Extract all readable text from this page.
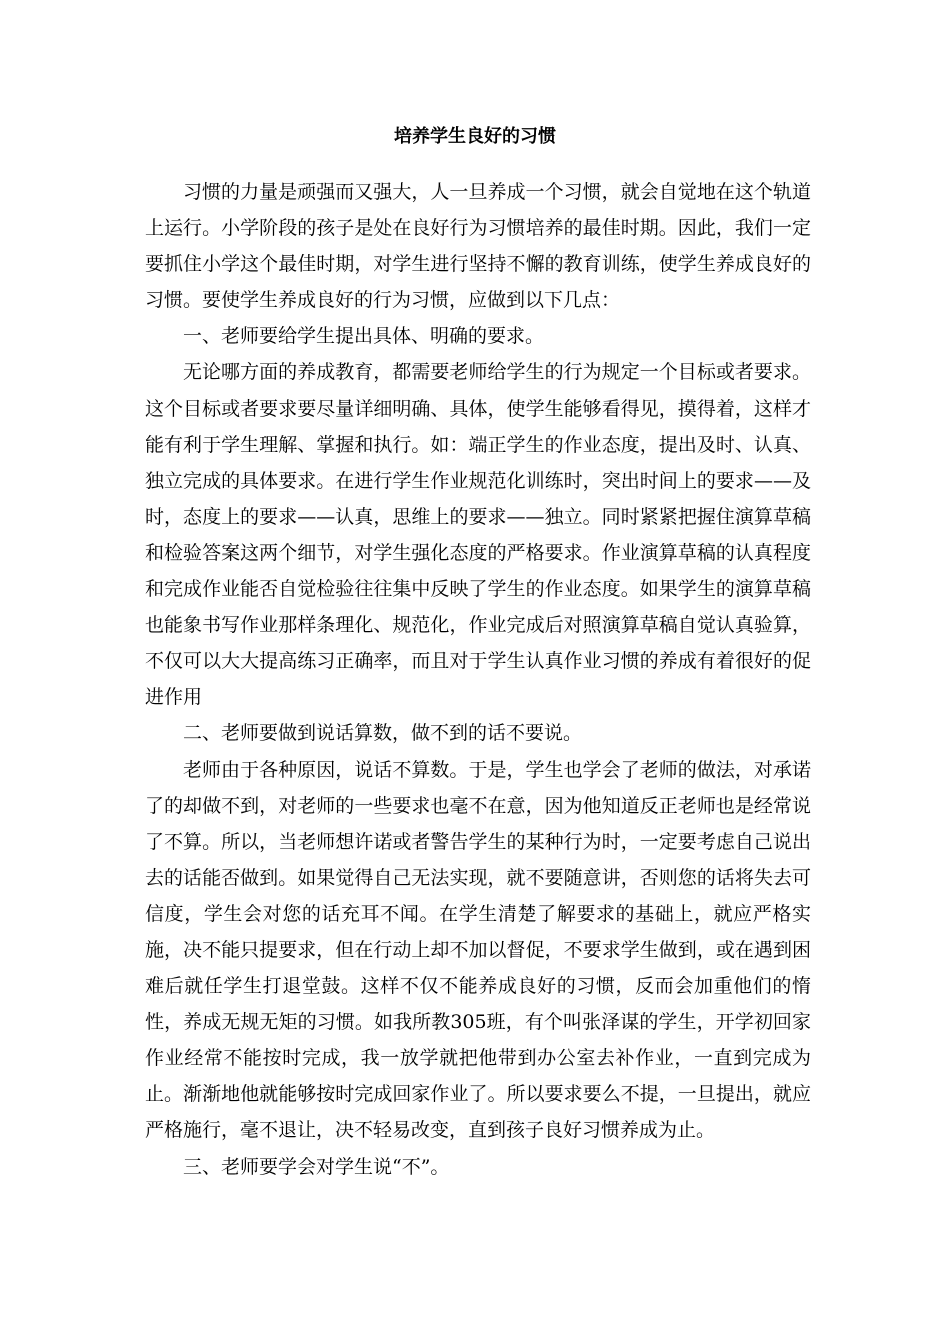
培养学生良好的习惯

习惯的力量是顽强而又强大，人一旦养成一个习惯，就会自觉地在这个轨道上运行。小学阶段的孩子是处在良好行为习惯培养的最佳时期。因此，我们一定要抓住小学这个最佳时期，对学生进行坚持不懈的教育训练，使学生养成良好的习惯。要使学生养成良好的行为习惯，应做到以下几点：

一、老师要给学生提出具体、明确的要求。

无论哪方面的养成教育，都需要老师给学生的行为规定一个目标或者要求。这个目标或者要求要尽量详细明确、具体，使学生能够看得见，摸得着，这样才能有利于学生理解、掌握和执行。如：端正学生的作业态度，提出及时、认真、独立完成的具体要求。在进行学生作业规范化训练时，突出时间上的要求——及时，态度上的要求——认真，思维上的要求——独立。同时紧紧把握住演算草稿和检验答案这两个细节，对学生强化态度的严格要求。作业演算草稿的认真程度和完成作业能否自觉检验往往集中反映了学生的作业态度。如果学生的演算草稿也能象书写作业那样条理化、规范化，作业完成后对照演算草稿自觉认真验算，不仅可以大大提高练习正确率，而且对于学生认真作业习惯的养成有着很好的促进作用

二、老师要做到说话算数，做不到的话不要说。

老师由于各种原因，说话不算数。于是，学生也学会了老师的做法，对承诺了的却做不到，对老师的一些要求也毫不在意，因为他知道反正老师也是经常说了不算。所以，当老师想许诺或者警告学生的某种行为时，一定要考虑自己说出去的话能否做到。如果觉得自己无法实现，就不要随意讲，否则您的话将失去可信度，学生会对您的话充耳不闻。在学生清楚了解要求的基础上，就应严格实施，决不能只提要求，但在行动上却不加以督促，不要求学生做到，或在遇到困难后就任学生打退堂鼓。这样不仅不能养成良好的习惯，反而会加重他们的惰性，养成无规无矩的习惯。如我所教305班，有个叫张泽谋的学生，开学初回家作业经常不能按时完成，我一放学就把他带到办公室去补作业，一直到完成为止。渐渐地他就能够按时完成回家作业了。所以要求要么不提，一旦提出，就应严格施行，毫不退让，决不轻易改变，直到孩子良好习惯养成为止。

三、老师要学会对学生说“不”。
